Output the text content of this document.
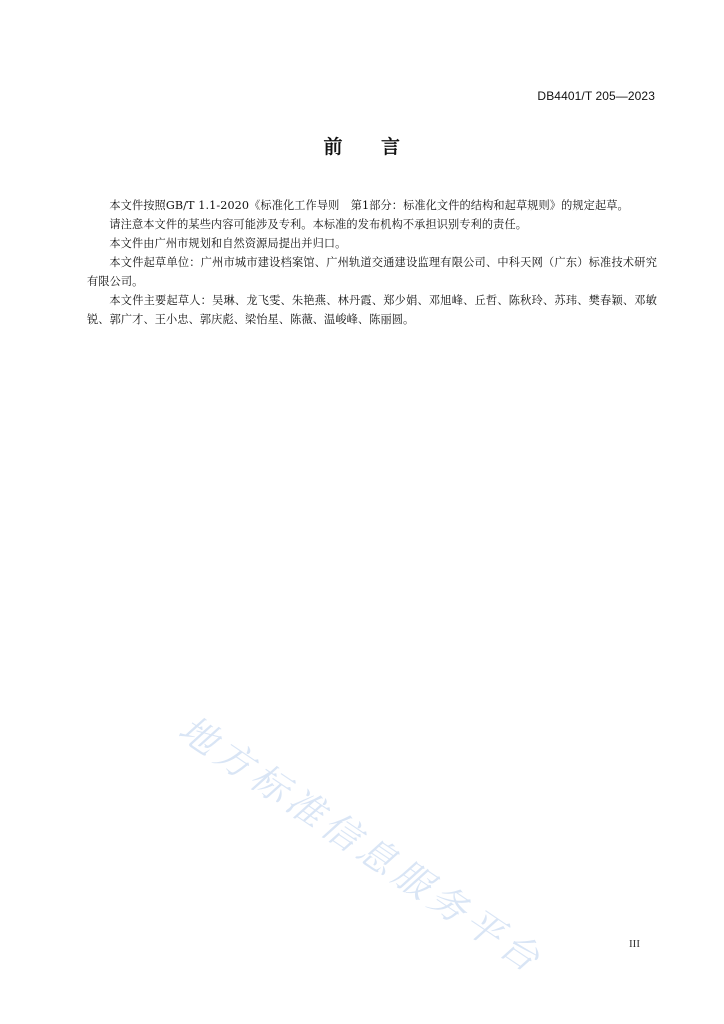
DB4401/T 205—2023
前 言

本文件按照GB/T 1.1-2020《标准化工作导则　第1部分：标准化文件的结构和起草规则》的规定起草。

请注意本文件的某些内容可能涉及专利。本标准的发布机构不承担识别专利的责任。

本文件由广州市规划和自然资源局提出并归口。

本文件起草单位：广州市城市建设档案馆、广州轨道交通建设监理有限公司、中科天网（广东）标准技术研究有限公司。

本文件主要起草人：吴琳、龙飞雯、朱艳燕、林丹霞、郑少娟、邓旭峰、丘哲、陈秋玲、苏玮、樊春颖、邓敏锐、郭广才、王小忠、郭庆彪、梁怡星、陈薇、温峻峰、陈丽圆。

地方标准信息服务平台	III
